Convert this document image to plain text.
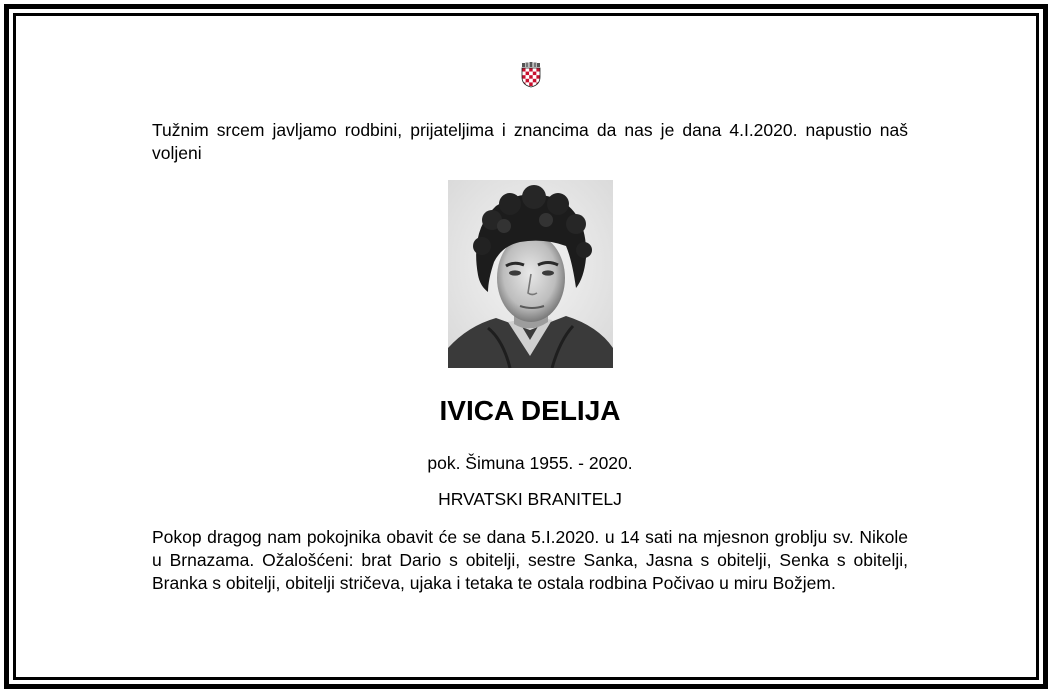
Tužnim srcem javljamo rodbini, prijateljima i znancima da nas je dana 4.I.2020. napustio naš voljeni
IVICA DELIJA
pok. Šimuna 1955. - 2020.
HRVATSKI BRANITELJ
Pokop dragog nam pokojnika obavit će se dana 5.I.2020. u 14 sati na mjesnon groblju sv. Nikole u Brnazama. Ožalošćeni: brat Dario s obitelji, sestre Sanka, Jasna s obitelji, Senka s obitelji, Branka s obitelji, obitelji stričeva, ujaka i tetaka te ostala rodbina Počivao u miru Božjem.
